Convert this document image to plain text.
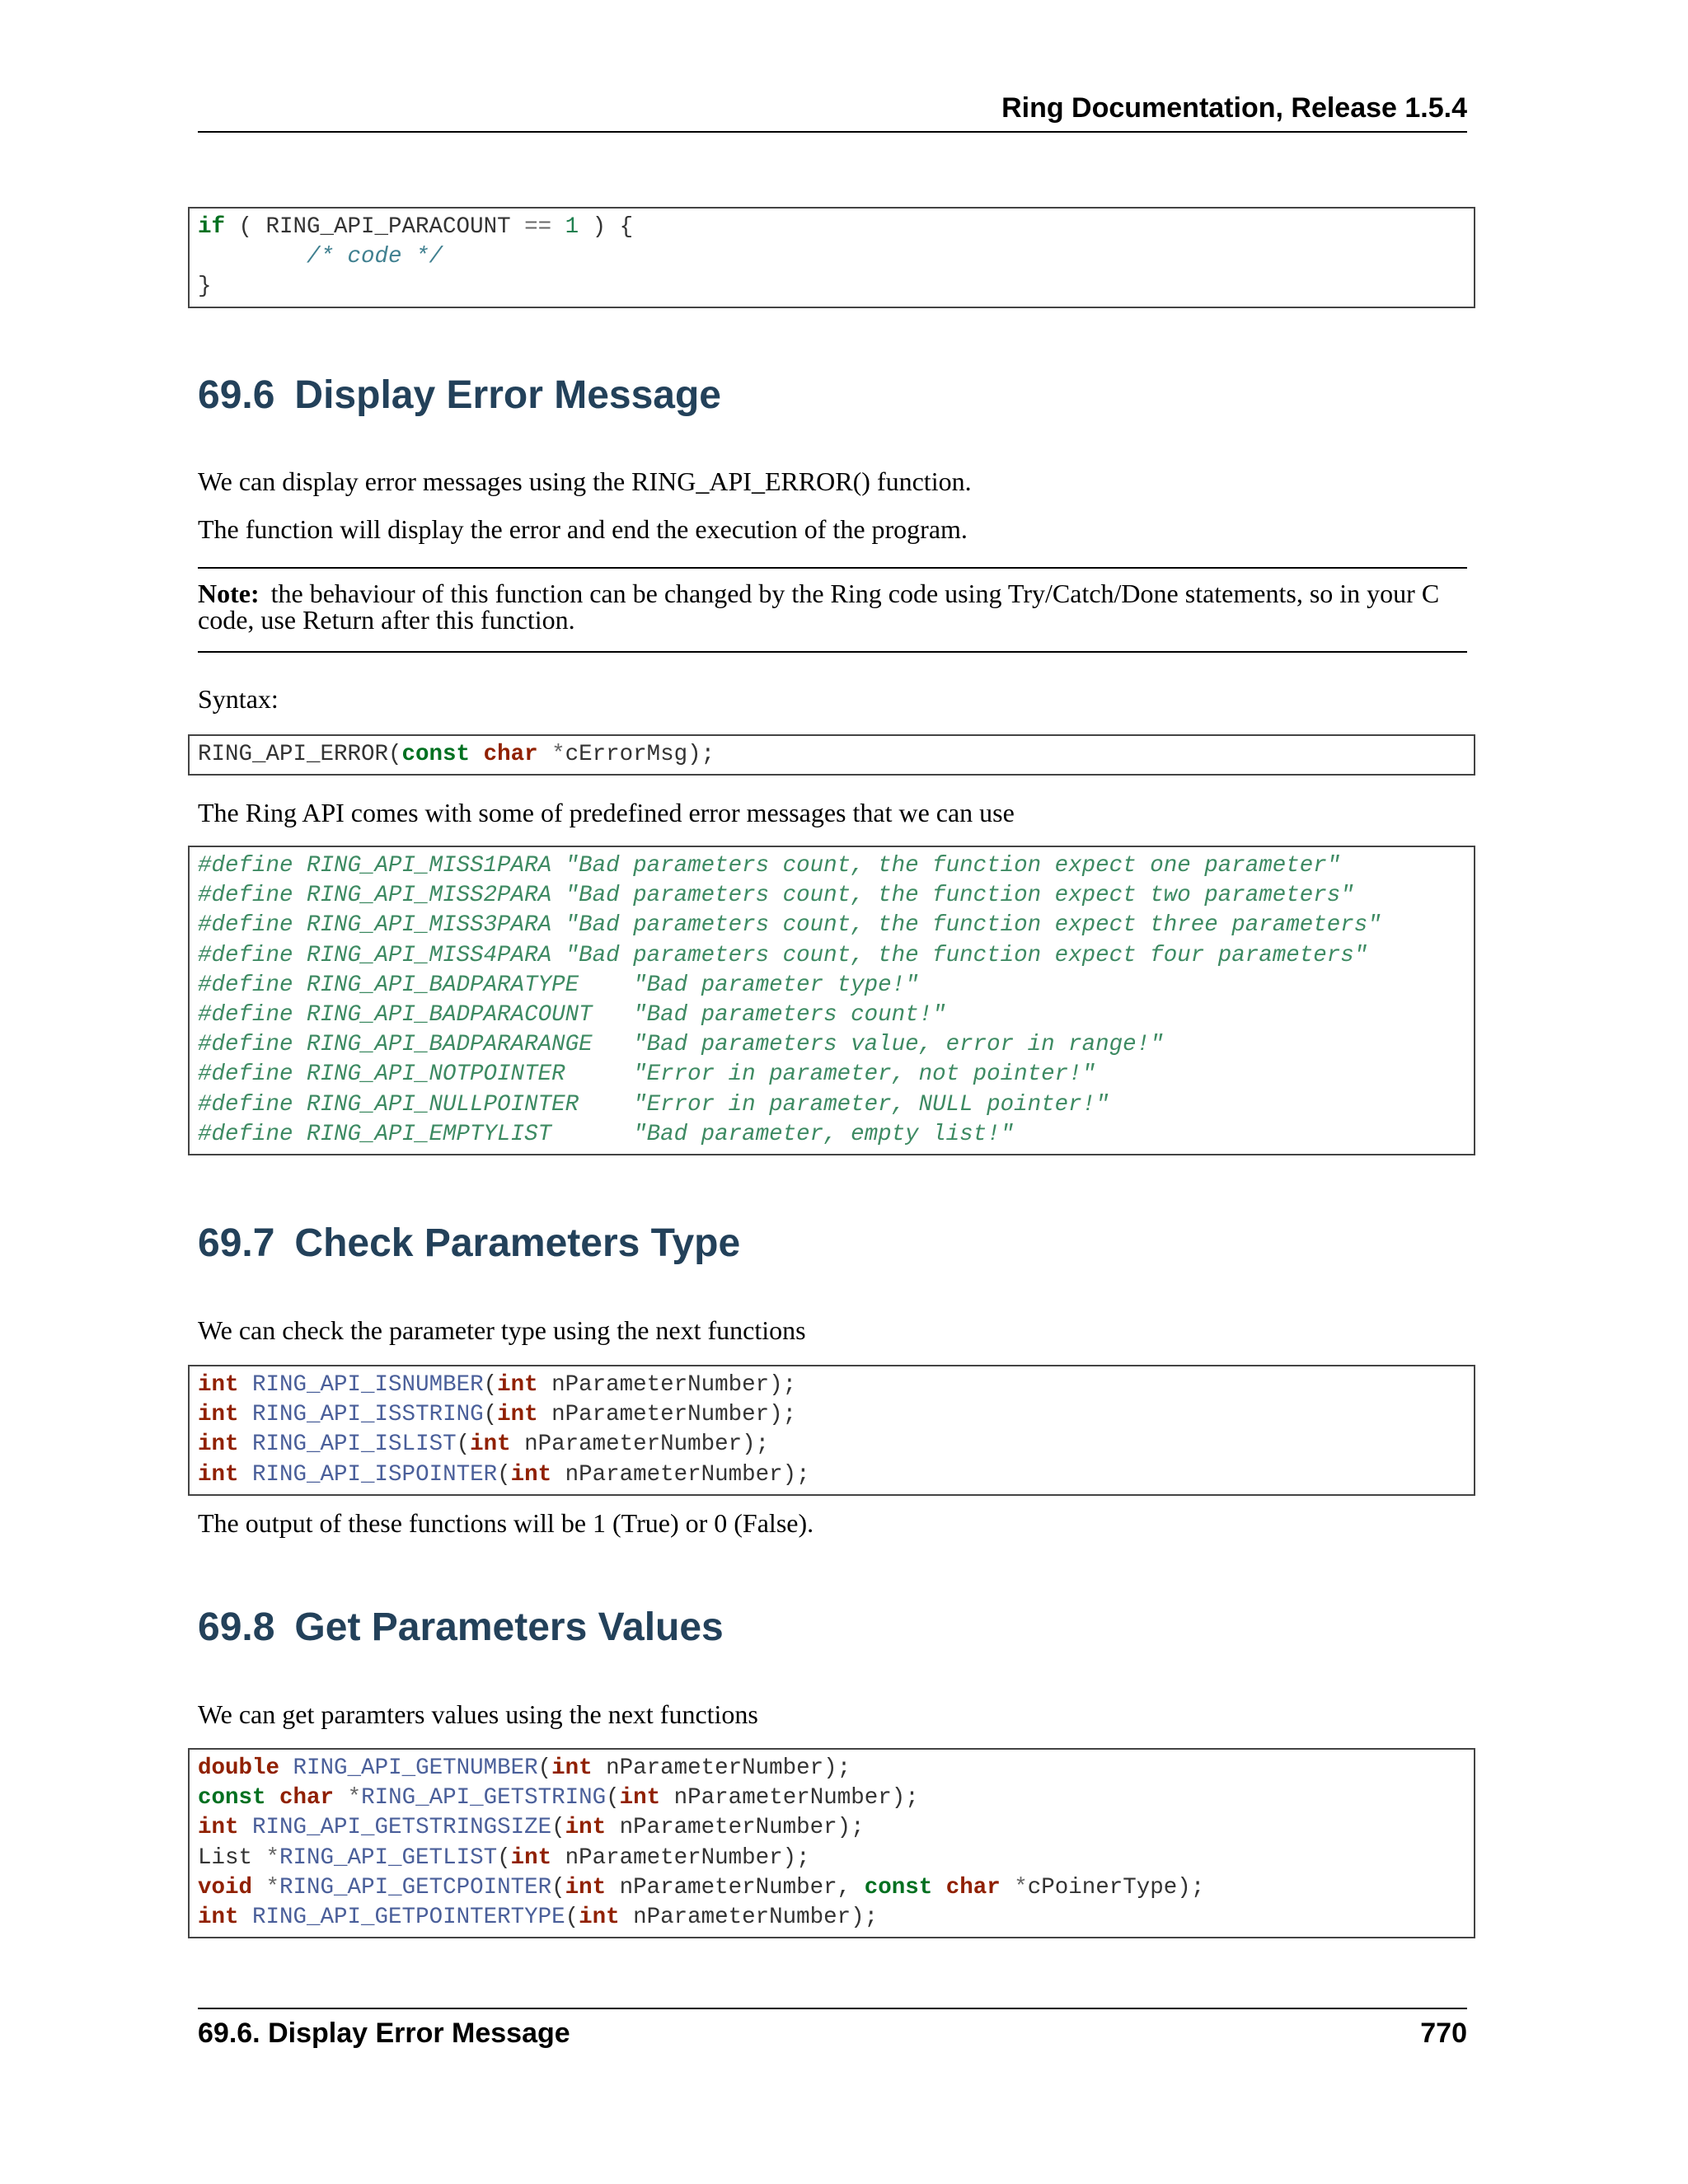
Ring Documentation, Release 1.5.4
if ( RING_API_PARACOUNT == 1 ) {
/* code */
}
69.6 Display Error Message

We can display error messages using the RING_API_ERROR() function.

The function will display the error and end the execution of the program.

Note: the behaviour of this function can be changed by the Ring code using Try/Catch/Done statements, so in your C code, use Return after this function.

Syntax:

RING_API_ERROR(const char *cErrorMsg);

The Ring API comes with some of predefined error messages that we can use

#define RING_API_MISS1PARA "Bad parameters count, the function expect one parameter"
#define RING_API_MISS2PARA "Bad parameters count, the function expect two parameters"
#define RING_API_MISS3PARA "Bad parameters count, the function expect three parameters"
#define RING_API_MISS4PARA "Bad parameters count, the function expect four parameters"
#define RING_API_BADPARATYPE    "Bad parameter type!"
#define RING_API_BADPARACOUNT   "Bad parameters count!"
#define RING_API_BADPARARANGE   "Bad parameters value, error in range!"
#define RING_API_NOTPOINTER     "Error in parameter, not pointer!"
#define RING_API_NULLPOINTER    "Error in parameter, NULL pointer!"
#define RING_API_EMPTYLIST      "Bad parameter, empty list!"
69.7 Check Parameters Type

We can check the parameter type using the next functions

int RING_API_ISNUMBER(int nParameterNumber);
int RING_API_ISSTRING(int nParameterNumber);
int RING_API_ISLIST(int nParameterNumber);
int RING_API_ISPOINTER(int nParameterNumber);

The output of these functions will be 1 (True) or 0 (False).

69.8 Get Parameters Values

We can get paramters values using the next functions

double RING_API_GETNUMBER(int nParameterNumber);
const char *RING_API_GETSTRING(int nParameterNumber);
int RING_API_GETSTRINGSIZE(int nParameterNumber);
List *RING_API_GETLIST(int nParameterNumber);
void *RING_API_GETCPOINTER(int nParameterNumber, const char *cPoinerType);
int RING_API_GETPOINTERTYPE(int nParameterNumber);
69.6. Display Error Message	770
